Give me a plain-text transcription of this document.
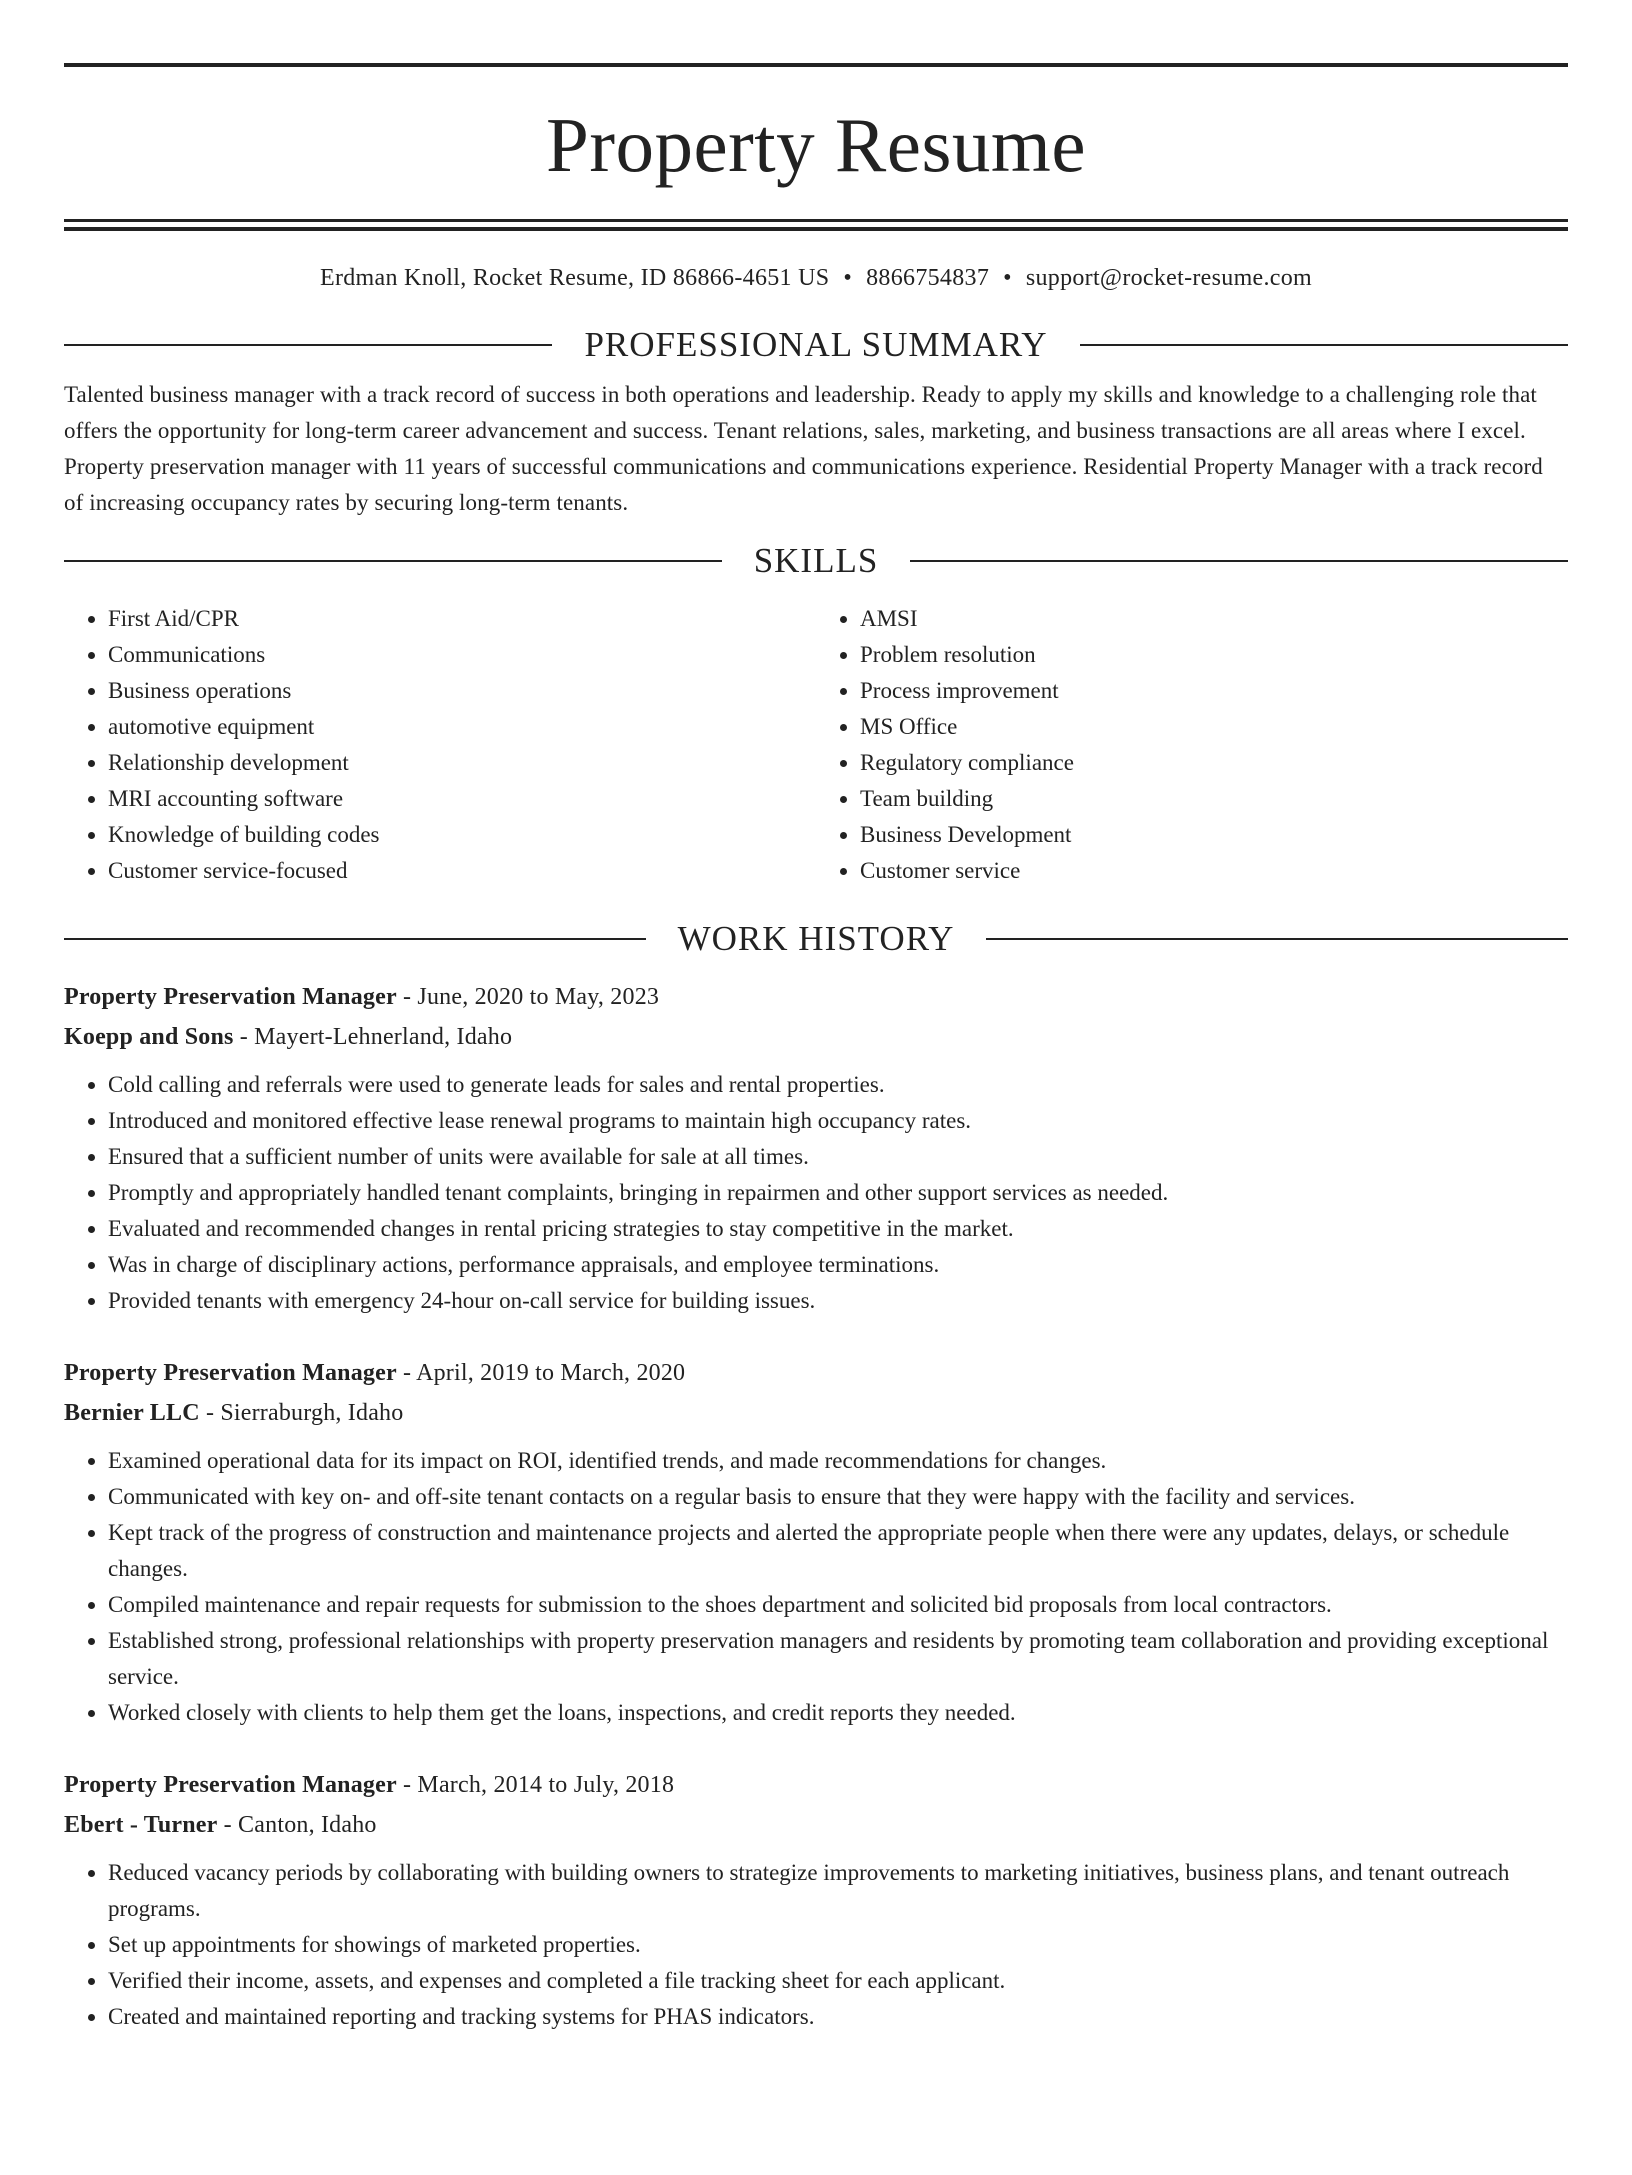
Property Resume
Erdman Knoll, Rocket Resume, ID 86866-4651 US • 8866754837 • support@rocket-resume.com
PROFESSIONAL SUMMARY

Talented business manager with a track record of success in both operations and leadership. Ready to apply my skills and knowledge to a challenging role that offers the opportunity for long-term career advancement and success. Tenant relations, sales, marketing, and business transactions are all areas where I excel. Property preservation manager with 11 years of successful communications and communications experience. Residential Property Manager with a track record of increasing occupancy rates by securing long-term tenants.

SKILLS
• First Aid/CPR
• Communications
• Business operations
• automotive equipment
• Relationship development
• MRI accounting software
• Knowledge of building codes
• Customer service-focused
• AMSI
• Problem resolution
• Process improvement
• MS Office
• Regulatory compliance
• Team building
• Business Development
• Customer service
WORK HISTORY
Property Preservation Manager - June, 2020 to May, 2023
Koepp and Sons - Mayert-Lehnerland, Idaho
• Cold calling and referrals were used to generate leads for sales and rental properties.
• Introduced and monitored effective lease renewal programs to maintain high occupancy rates.
• Ensured that a sufficient number of units were available for sale at all times.
• Promptly and appropriately handled tenant complaints, bringing in repairmen and other support services as needed.
• Evaluated and recommended changes in rental pricing strategies to stay competitive in the market.
• Was in charge of disciplinary actions, performance appraisals, and employee terminations.
• Provided tenants with emergency 24-hour on-call service for building issues.
Property Preservation Manager - April, 2019 to March, 2020
Bernier LLC - Sierraburgh, Idaho
• Examined operational data for its impact on ROI, identified trends, and made recommendations for changes.
• Communicated with key on- and off-site tenant contacts on a regular basis to ensure that they were happy with the facility and services.
• Kept track of the progress of construction and maintenance projects and alerted the appropriate people when there were any updates, delays, or schedule changes.
• Compiled maintenance and repair requests for submission to the shoes department and solicited bid proposals from local contractors.
• Established strong, professional relationships with property preservation managers and residents by promoting team collaboration and providing exceptional service.
• Worked closely with clients to help them get the loans, inspections, and credit reports they needed.
Property Preservation Manager - March, 2014 to July, 2018
Ebert - Turner - Canton, Idaho
• Reduced vacancy periods by collaborating with building owners to strategize improvements to marketing initiatives, business plans, and tenant outreach programs.
• Set up appointments for showings of marketed properties.
• Verified their income, assets, and expenses and completed a file tracking sheet for each applicant.
• Created and maintained reporting and tracking systems for PHAS indicators.
